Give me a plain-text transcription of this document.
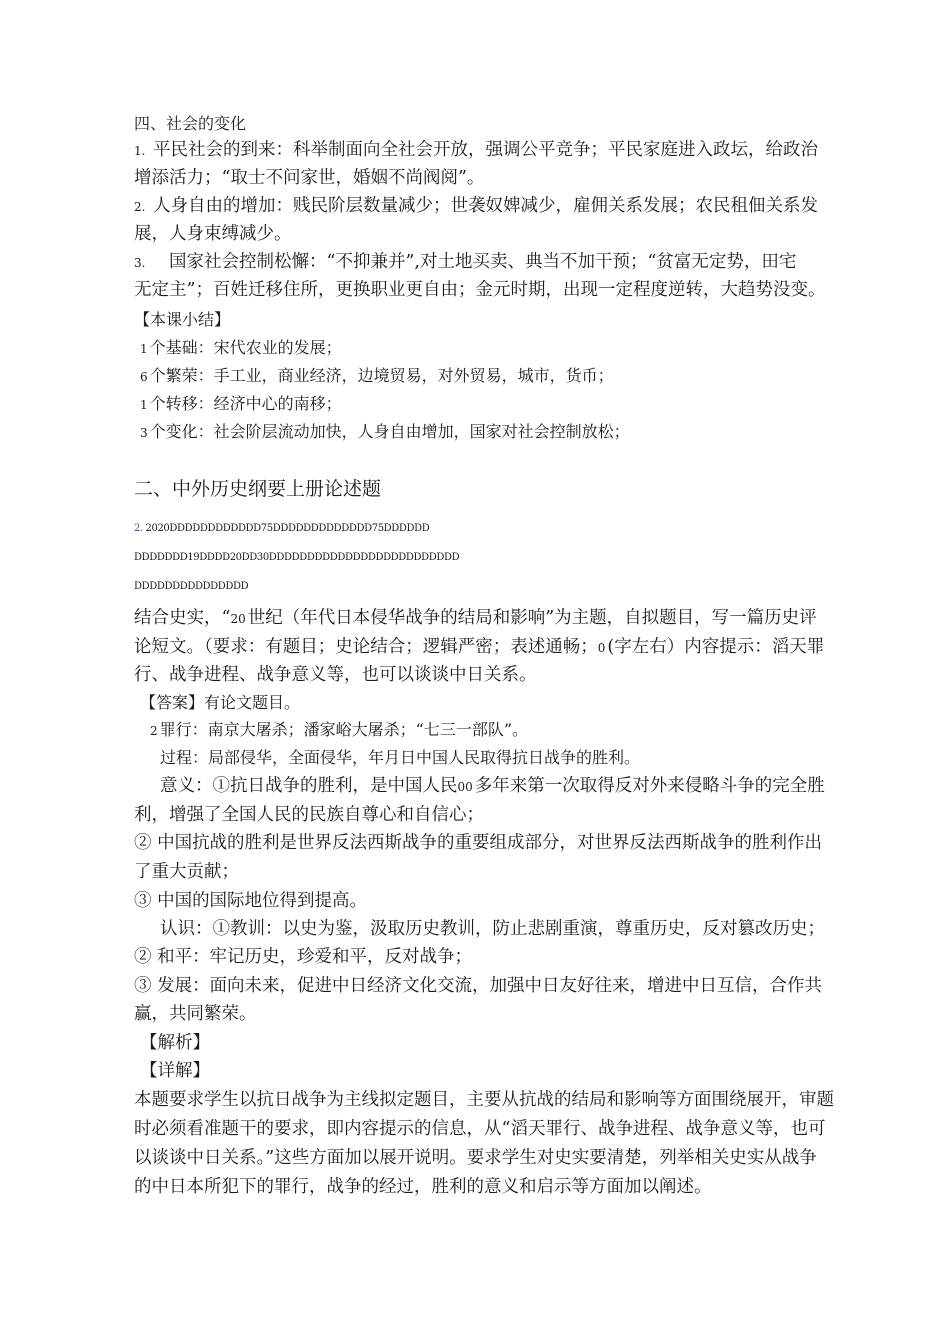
四、社会的变化
1. 平民社会的到来：科举制面向全社会开放，强调公平竞争；平民家庭进入政坛，给政治
增添活力；“取士不问家世，婚姻不尚阀阅”。
2. 人身自由的增加：贱民阶层数量减少；世袭奴婢减少，雇佣关系发展；农民租佃关系发
展，人身束缚减少。
3. 国家社会控制松懈：“不抑兼并”,对土地买卖、典当不加干预；“贫富无定势，田宅
无定主”；百姓迁移住所，更换职业更自由；金元时期，出现一定程度逆转，大趋势没变。
【本课小结】
1 个基础：宋代农业的发展；
6 个繁荣：手工业，商业经济，边境贸易，对外贸易，城市，货币；
1 个转移：经济中心的南移；
3 个变化：社会阶层流动加快，人身自由增加，国家对社会控制放松；
二、中外历史纲要上册论述题
2. 2020DDDDDDDDDDDD75DDDDDDDDDDDDD75DDDDDD
DDDDDDD19DDDD20DD30DDDDDDDDDDDDDDDDDDDDDDDDD
DDDDDDDDDDDDDDD
结合史实，“20 世纪（年代日本侵华战争的结局和影响”为主题，自拟题目，写一篇历史评
论短文。（要求：有题目；史论结合；逻辑严密；表述通畅；0 (字左右）内容提示：滔天罪
行、战争进程、战争意义等，也可以谈谈中日关系。
【答案】有论文题目。
2 罪行：南京大屠杀；潘家峪大屠杀；“七三一部队”。
过程：局部侵华，全面侵华，年月日中国人民取得抗日战争的胜利。
意义：①抗日战争的胜利，是中国人民00 多年来第一次取得反对外来侵略斗争的完全胜
利，增强了全国人民的民族自尊心和自信心；
② 中国抗战的胜利是世界反法西斯战争的重要组成部分，对世界反法西斯战争的胜利作出
了重大贡献；
③ 中国的国际地位得到提高。
认识：①教训：以史为鉴，汲取历史教训，防止悲剧重演，尊重历史，反对篡改历史；
② 和平：牢记历史，珍爱和平，反对战争；
③ 发展：面向未来，促进中日经济文化交流，加强中日友好往来，增进中日互信，合作共
赢，共同繁荣。
【解析】
【详解】
本题要求学生以抗日战争为主线拟定题目，主要从抗战的结局和影响等方面围绕展开，审题
时必须看准题干的要求，即内容提示的信息，从“滔天罪行、战争进程、战争意义等，也可
以谈谈中日关系。”这些方面加以展开说明。要求学生对史实要清楚，列举相关史实从战争
的中日本所犯下的罪行，战争的经过，胜利的意义和启示等方面加以阐述。
